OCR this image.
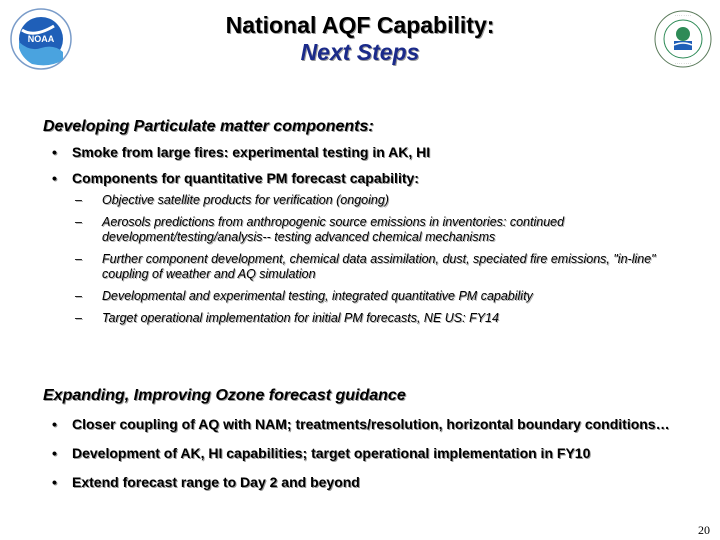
NOAA
· · · · · · · ·
· · · · · · · ·
National AQF Capability:
Next Steps
Developing Particulate matter components:
• Smoke from large fires: experimental testing in AK, HI
• Components for quantitative PM forecast capability:
– Objective satellite products for verification (ongoing)
– Aerosols predictions from anthropogenic source emissions in inventories: continued development/testing/analysis-- testing advanced chemical mechanisms
– Further component development, chemical data assimilation, dust, speciated fire emissions, "in-line" coupling of weather and AQ simulation
– Developmental and experimental testing, integrated quantitative PM capability
– Target operational implementation for initial PM forecasts, NE US: FY14
Expanding, Improving Ozone forecast guidance
• Closer coupling of AQ with NAM; treatments/resolution, horizontal boundary conditions…
• Development of AK, HI capabilities; target operational implementation in FY10
• Extend forecast range to Day 2 and beyond
20
